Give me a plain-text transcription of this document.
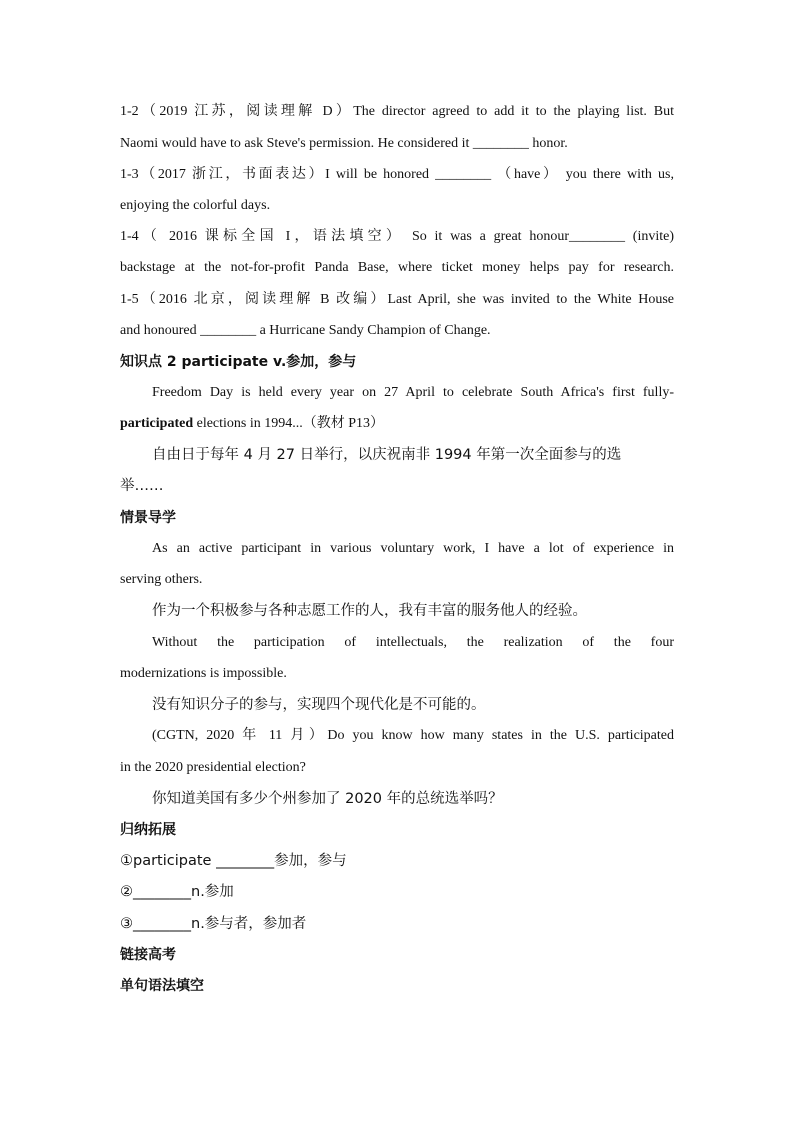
1-2（2019 江苏，阅读理解 D）The director agreed to add it to the playing list. But
Naomi would have to ask Steve's permission. He considered it ________ honor.
1-3（2017 浙江，书面表达）I will be honored ________ （have） you there with us,
enjoying the colorful days.
1-4（ 2016 课标全国 I，语法填空） So it was a great honour________ (invite)
backstage at the not-for-profit Panda Base, where ticket money helps pay for research.
1-5（2016 北京，阅读理解 B 改编）Last April, she was invited to the White House
and honoured ________ a Hurricane Sandy Champion of Change.
知识点 2 participate v.参加，参与
Freedom Day is held every year on 27 April to celebrate South Africa's first fully-
participated elections in 1994...（教材 P13）
自由日于每年 4 月 27 日举行，以庆祝南非 1994 年第一次全面参与的选
举……
情景导学
As an active participant in various voluntary work, I have a lot of experience in
serving others.
作为一个积极参与各种志愿工作的人，我有丰富的服务他人的经验。
Without the participation of intellectuals, the realization of the four
modernizations is impossible.
没有知识分子的参与，实现四个现代化是不可能的。
(CGTN, 2020 年 11 月）Do you know how many states in the U.S. participated
in the 2020 presidential election?
你知道美国有多少个州参加了 2020 年的总统选举吗？
归纳拓展
①participate ________参加，参与
②________n.参加
③________n.参与者，参加者
链接高考
单句语法填空
